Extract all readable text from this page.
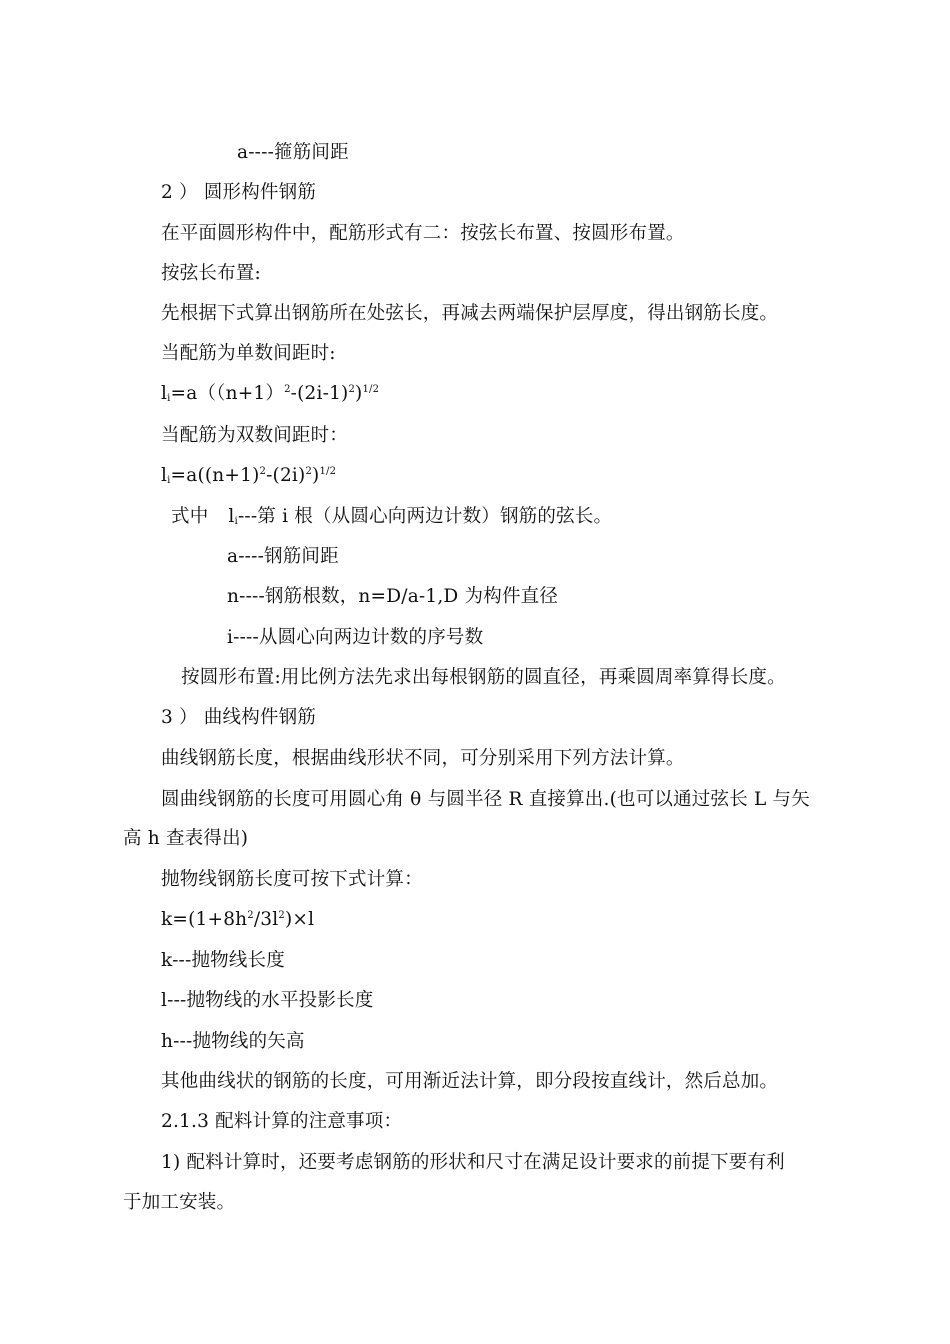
a----箍筋间距
2 ） 圆形构件钢筋
在平面圆形构件中，配筋形式有二：按弦长布置、按圆形布置。
按弦长布置:
先根据下式算出钢筋所在处弦长，再减去两端保护层厚度，得出钢筋长度。
当配筋为单数间距时:
$l_i=a((n+1)^2-(2i-1)^2)^{1/2}$
当配筋为双数间距时：
$l_i=a((n+1)^2-(2i)^2)^{1/2}$
式中 $l_i---$第 i 根（从圆心向两边计数）钢筋的弦长。
a----钢筋间距
n----钢筋根数，n=D/a-1,D 为构件直径
i----从圆心向两边计数的序号数
按圆形布置:用比例方法先求出每根钢筋的圆直径，再乘圆周率算得长度。
3 ） 曲线构件钢筋
曲线钢筋长度，根据曲线形状不同，可分别采用下列方法计算。
圆曲线钢筋的长度可用圆心角 θ 与圆半径 R 直接算出.(也可以通过弦长 L 与矢
高 h 查表得出)
抛物线钢筋长度可按下式计算：
$k=(1+8h^2/3l^2)\times l$
k---抛物线长度
l---抛物线的水平投影长度
h---抛物线的矢高
其他曲线状的钢筋的长度，可用渐近法计算，即分段按直线计，然后总加。
2.1.3 配料计算的注意事项：
1) 配料计算时，还要考虑钢筋的形状和尺寸在满足设计要求的前提下要有利
于加工安装。
